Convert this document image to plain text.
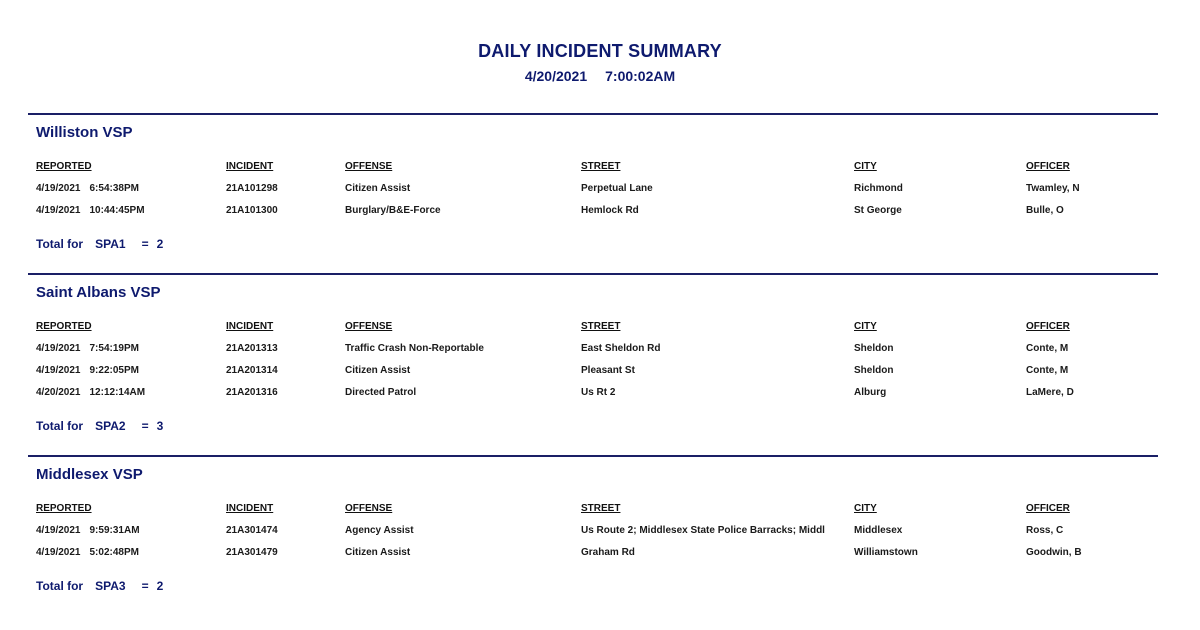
DAILY INCIDENT SUMMARY
4/20/2021 7:00:02AM
Williston VSP
REPORTED	INCIDENT	OFFENSE	STREET	CITY	OFFICER
4/19/2021 6:54:38PM	21A101298	Citizen Assist	Perpetual Lane	Richmond	Twamley, N
4/19/2021 10:44:45PM	21A101300	Burglary/B&E-Force	Hemlock Rd	St George	Bulle, O
Total for SPA1 = 2
Saint Albans VSP
REPORTED	INCIDENT	OFFENSE	STREET	CITY	OFFICER
4/19/2021 7:54:19PM	21A201313	Traffic Crash Non-Reportable	East Sheldon Rd	Sheldon	Conte, M
4/19/2021 9:22:05PM	21A201314	Citizen Assist	Pleasant St	Sheldon	Conte, M
4/20/2021 12:12:14AM	21A201316	Directed Patrol	Us Rt 2	Alburg	LaMere, D
Total for SPA2 = 3
Middlesex VSP
REPORTED	INCIDENT	OFFENSE	STREET	CITY	OFFICER
4/19/2021 9:59:31AM	21A301474	Agency Assist	Us Route 2; Middlesex State Police Barracks; Middl	Middlesex	Ross, C
4/19/2021 5:02:48PM	21A301479	Citizen Assist	Graham Rd	Williamstown	Goodwin, B
Total for SPA3 = 2
